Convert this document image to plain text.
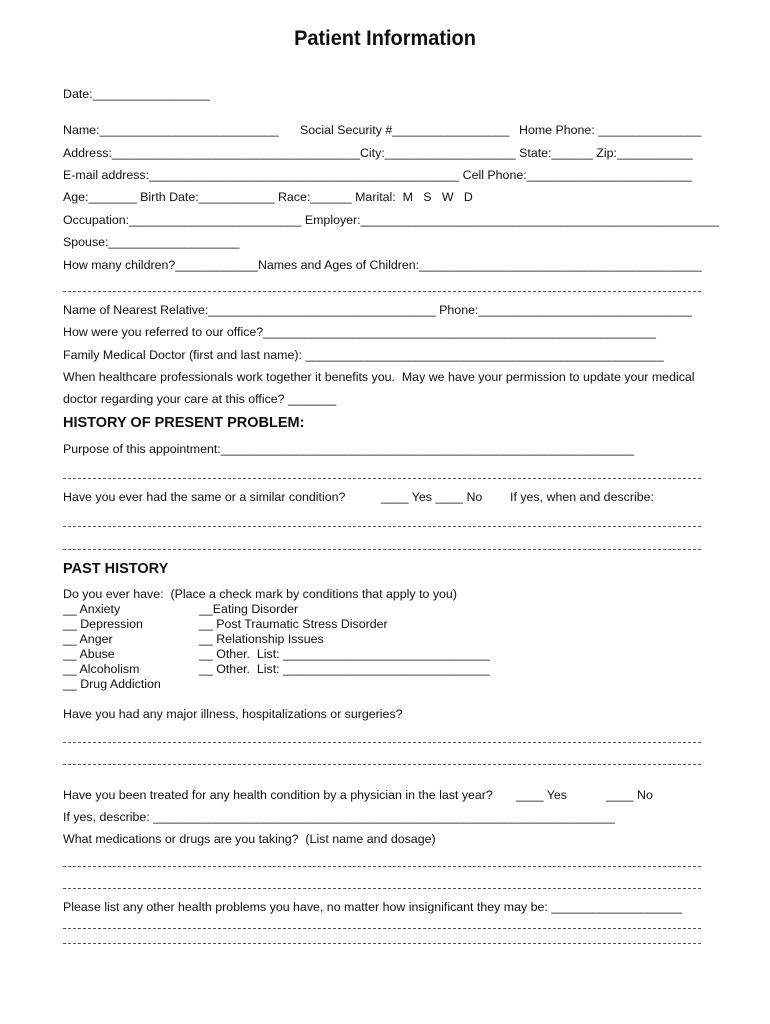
Patient Information
Date:_________________
Name:__________________________ Social Security #_________________ Home Phone: _______________
Address:____________________________________City:___________________ State:______ Zip:___________
E-mail address:_____________________________________________ Cell Phone:________________________
Age:_______ Birth Date:___________ Race:______ Marital:  M   S   W   D
Occupation:_________________________ Employer:____________________________________________________
Spouse:___________________
How many children?____________Names and Ages of Children:_________________________________________
Name of Nearest Relative:_________________________________ Phone:_______________________________
How were you referred to our office?_________________________________________________________
Family Medical Doctor (first and last name): ____________________________________________________
When healthcare professionals work together it benefits you.  May we have your permission to update your medical
doctor regarding your care at this office? _______
HISTORY OF PRESENT PROBLEM:
Purpose of this appointment:____________________________________________________________
Have you ever had the same or a similar condition?	____ Yes ____ No If yes, when and describe:
PAST HISTORY
Do you ever have:  (Place a check mark by conditions that apply to you)
__ Anxiety
__ Depression
__ Anger
__ Abuse
__ Alcoholism
__ Drug Addiction
__Eating Disorder
__ Post Traumatic Stress Disorder
__ Relationship Issues
__ Other.  List: ______________________________
__ Other.  List: ______________________________
Have you had any major illness, hospitalizations or surgeries?
Have you been treated for any health condition by a physician in the last year? ____ Yes	____ No
If yes, describe: ___________________________________________________________________
What medications or drugs are you taking?  (List name and dosage)
Please list any other health problems you have, no matter how insignificant they may be: ___________________
